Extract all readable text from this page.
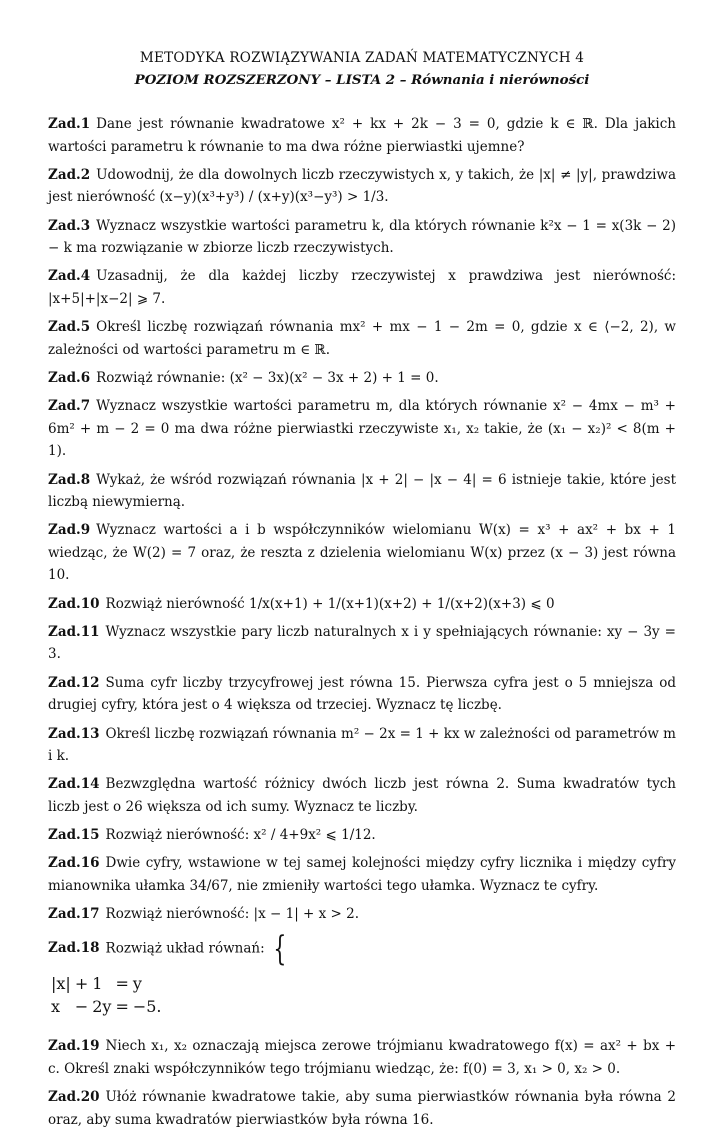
METODYKA ROZWIĄZYWANIA ZADAŃ MATEMATYCZNYCH 4
POZIOM ROZSZERZONY – LISTA 2 – Równania i nierówności

Zad.1 Dane jest równanie kwadratowe x² + kx + 2k − 3 = 0, gdzie k ∈ ℝ. Dla jakich wartości parametru k równanie to ma dwa różne pierwiastki ujemne?

Zad.2 Udowodnij, że dla dowolnych liczb rzeczywistych x, y takich, że |x| ≠ |y|, prawdziwa jest nierówność (x−y)(x³+y³) / (x+y)(x³−y³) > 1/3.

Zad.3 Wyznacz wszystkie wartości parametru k, dla których równanie k²x − 1 = x(3k − 2) − k ma rozwiązanie w zbiorze liczb rzeczywistych.

Zad.4 Uzasadnij, że dla każdej liczby rzeczywistej x prawdziwa jest nierówność: |x+5|+|x−2| ⩾ 7.

Zad.5 Określ liczbę rozwiązań równania mx² + mx − 1 − 2m = 0, gdzie x ∈ ⟨−2, 2), w zależności od wartości parametru m ∈ ℝ.

Zad.6 Rozwiąż równanie: (x² − 3x)(x² − 3x + 2) + 1 = 0.

Zad.7 Wyznacz wszystkie wartości parametru m, dla których równanie x² − 4mx − m³ + 6m² + m − 2 = 0 ma dwa różne pierwiastki rzeczywiste x₁, x₂ takie, że (x₁ − x₂)² < 8(m + 1).

Zad.8 Wykaż, że wśród rozwiązań równania |x + 2| − |x − 4| = 6 istnieje takie, które jest liczbą niewymierną.

Zad.9 Wyznacz wartości a i b współczynników wielomianu W(x) = x³ + ax² + bx + 1 wiedząc, że W(2) = 7 oraz, że reszta z dzielenia wielomianu W(x) przez (x − 3) jest równa 10.

Zad.10 Rozwiąż nierówność 1/x(x+1) + 1/(x+1)(x+2) + 1/(x+2)(x+3) ⩽ 0

Zad.11 Wyznacz wszystkie pary liczb naturalnych x i y spełniających równanie: xy − 3y = 3.

Zad.12 Suma cyfr liczby trzycyfrowej jest równa 15. Pierwsza cyfra jest o 5 mniejsza od drugiej cyfry, która jest o 4 większa od trzeciej. Wyznacz tę liczbę.

Zad.13 Określ liczbę rozwiązań równania m² − 2x = 1 + kx w zależności od parametrów m i k.

Zad.14 Bezwzględna wartość różnicy dwóch liczb jest równa 2. Suma kwadratów tych liczb jest o 26 większa od ich sumy. Wyznacz te liczby.

Zad.15 Rozwiąż nierówność: x² / 4+9x² ⩽ 1/12.

Zad.16 Dwie cyfry, wstawione w tej samej kolejności między cyfry licznika i między cyfry mianownika ułamka 34/67, nie zmieniły wartości tego ułamka. Wyznacz te cyfry.

Zad.17 Rozwiąż nierówność: |x − 1| + x > 2.

Zad.18 Rozwiąż układ równań: {

|x|	+	1	=	y
x	−	2y	=	−5.

Zad.19 Niech x₁, x₂ oznaczają miejsca zerowe trójmianu kwadratowego f(x) = ax² + bx + c. Określ znaki współczynników tego trójmianu wiedząc, że: f(0) = 3, x₁ > 0, x₂ > 0.

Zad.20 Ułóż równanie kwadratowe takie, aby suma pierwiastków równania była równa 2 oraz, aby suma kwadratów pierwiastków była równa 16.
